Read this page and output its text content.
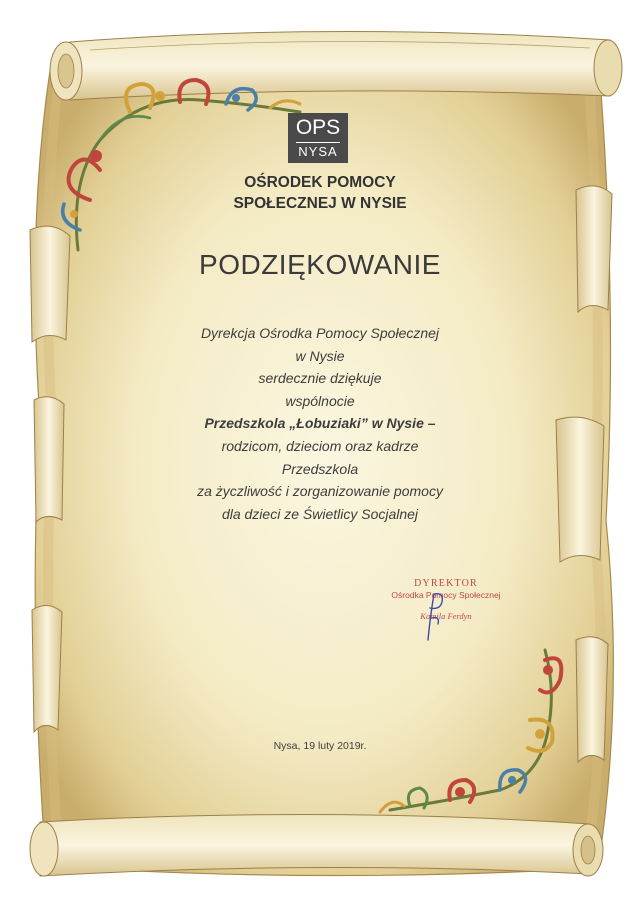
OPS
NYSA
OŚRODEK POMOCY
SPOŁECZNEJ W NYSIE
PODZIĘKOWANIE
Dyrekcja Ośrodka Pomocy Społecznej
w Nysie
serdecznie dziękuje
wspólnocie
Przedszkola „Łobuziaki” w Nysie –
rodzicom, dzieciom oraz kadrze
Przedszkola
za życzliwość i zorganizowanie pomocy
dla dzieci ze Świetlicy Socjalnej
DYREKTOR
Ośrodka Pomocy Społecznej
Kamila Ferdyn
Nysa, 19 luty 2019r.
